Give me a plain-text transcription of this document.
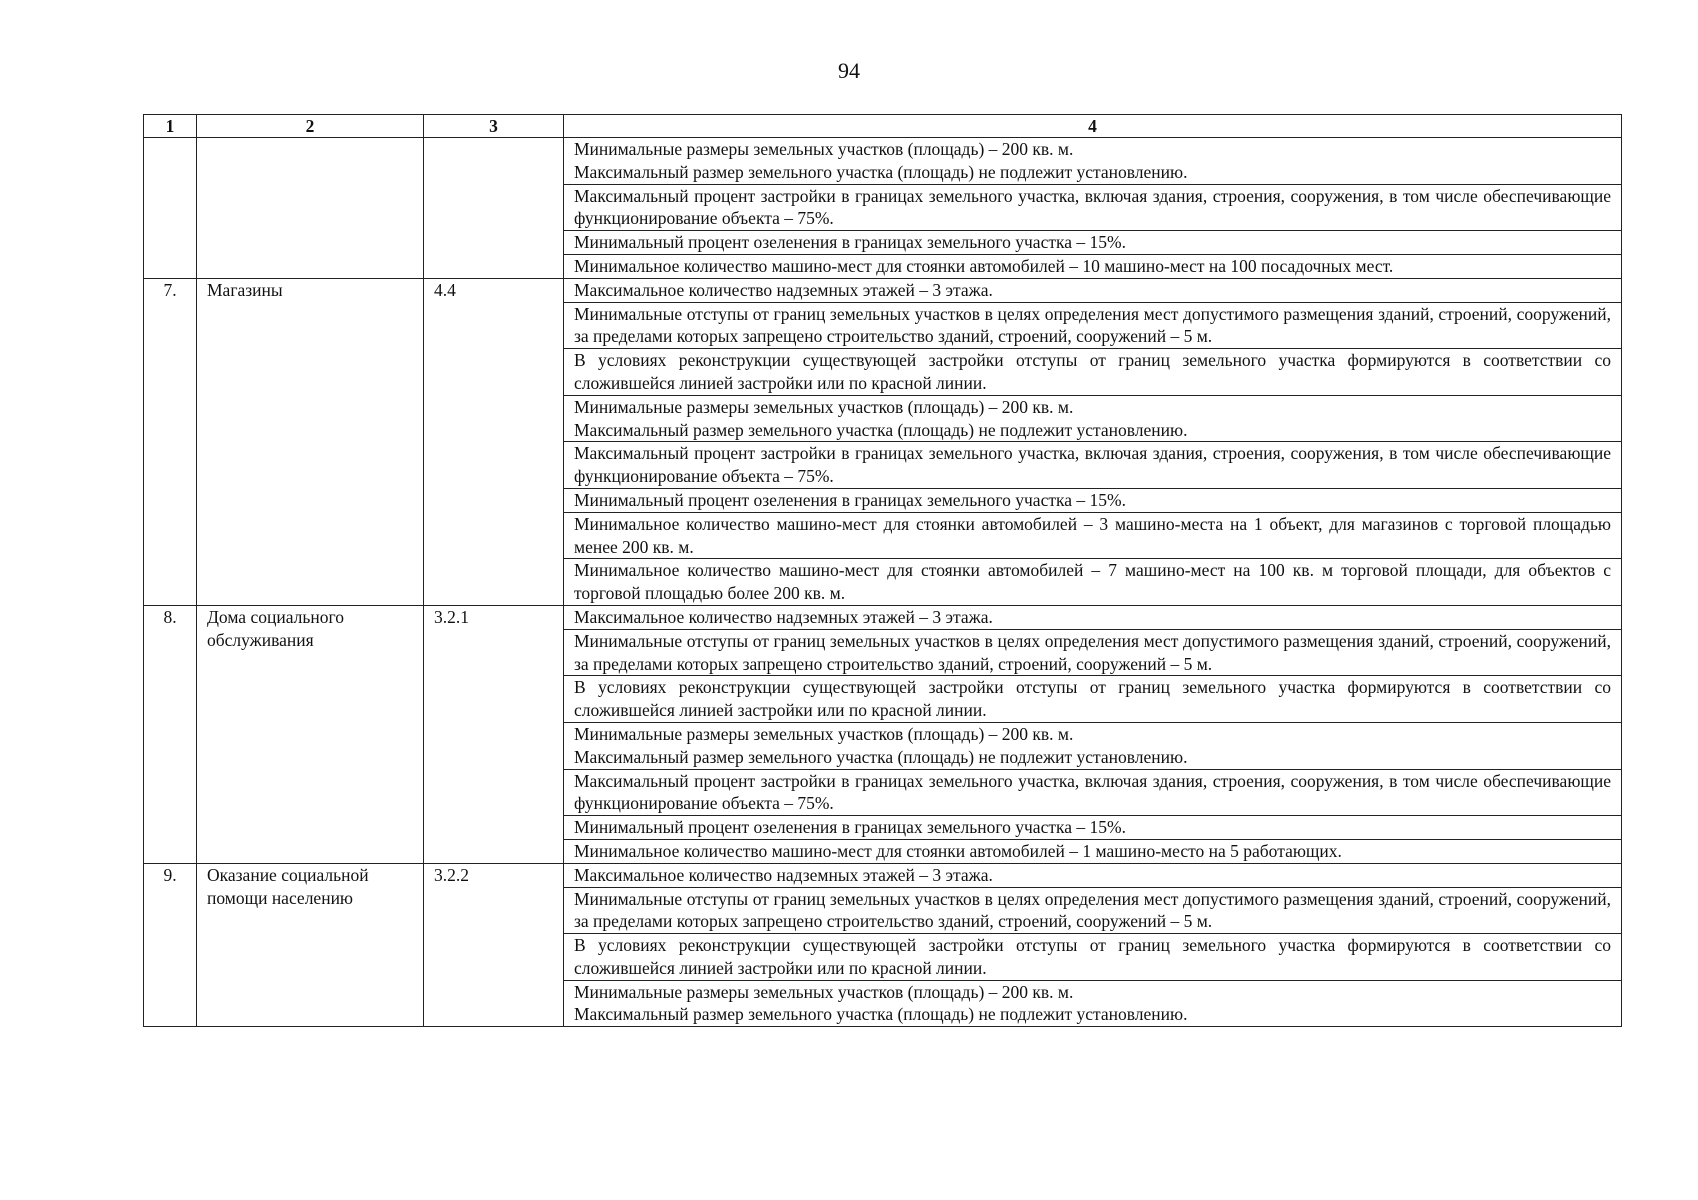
94
1	2	3	4

			Минимальные размеры земельных участков (площадь) – 200 кв. м.
Максимальный размер земельного участка (площадь) не подлежит установлению.

			Максимальный процент застройки в границах земельного участка, включая здания, строения, сооружения, в том числе обеспечивающие функционирование объекта – 75%.

			Минимальный процент озеленения в границах земельного участка – 15%.

			Минимальное количество машино-мест для стоянки автомобилей – 10 машино-мест на 100 посадочных мест.

7.	Магазины	4.4	Максимальное количество надземных этажей – 3 этажа.

			Минимальные отступы от границ земельных участков в целях определения мест допустимого размещения зданий, строений, сооружений, за пределами которых запрещено строительство зданий, строений, сооружений – 5 м.

			В условиях реконструкции существующей застройки отступы от границ земельного участка формируются в соответствии со сложившейся линией застройки или по красной линии.

			Минимальные размеры земельных участков (площадь) – 200 кв. м.
Максимальный размер земельного участка (площадь) не подлежит установлению.

			Максимальный процент застройки в границах земельного участка, включая здания, строения, сооружения, в том числе обеспечивающие функционирование объекта – 75%.

			Минимальный процент озеленения в границах земельного участка – 15%.

			Минимальное количество машино-мест для стоянки автомобилей – 3 машино-места на 1 объект, для магазинов с торговой площадью менее 200 кв. м.

			Минимальное количество машино-мест для стоянки автомобилей – 7 машино-мест на 100 кв. м торговой площади, для объектов с торговой площадью более 200 кв. м.

8.	Дома социального обслуживания	3.2.1	Максимальное количество надземных этажей – 3 этажа.

			Минимальные отступы от границ земельных участков в целях определения мест допустимого размещения зданий, строений, сооружений, за пределами которых запрещено строительство зданий, строений, сооружений – 5 м.

			В условиях реконструкции существующей застройки отступы от границ земельного участка формируются в соответствии со сложившейся линией застройки или по красной линии.

			Минимальные размеры земельных участков (площадь) – 200 кв. м.
Максимальный размер земельного участка (площадь) не подлежит установлению.

			Максимальный процент застройки в границах земельного участка, включая здания, строения, сооружения, в том числе обеспечивающие функционирование объекта – 75%.

			Минимальный процент озеленения в границах земельного участка – 15%.

			Минимальное количество машино-мест для стоянки автомобилей – 1 машино-место на 5 работающих.

9.	Оказание социальной помощи населению	3.2.2	Максимальное количество надземных этажей – 3 этажа.

			Минимальные отступы от границ земельных участков в целях определения мест допустимого размещения зданий, строений, сооружений, за пределами которых запрещено строительство зданий, строений, сооружений – 5 м.

			В условиях реконструкции существующей застройки отступы от границ земельного участка формируются в соответствии со сложившейся линией застройки или по красной линии.

			Минимальные размеры земельных участков (площадь) – 200 кв. м.
Максимальный размер земельного участка (площадь) не подлежит установлению.
